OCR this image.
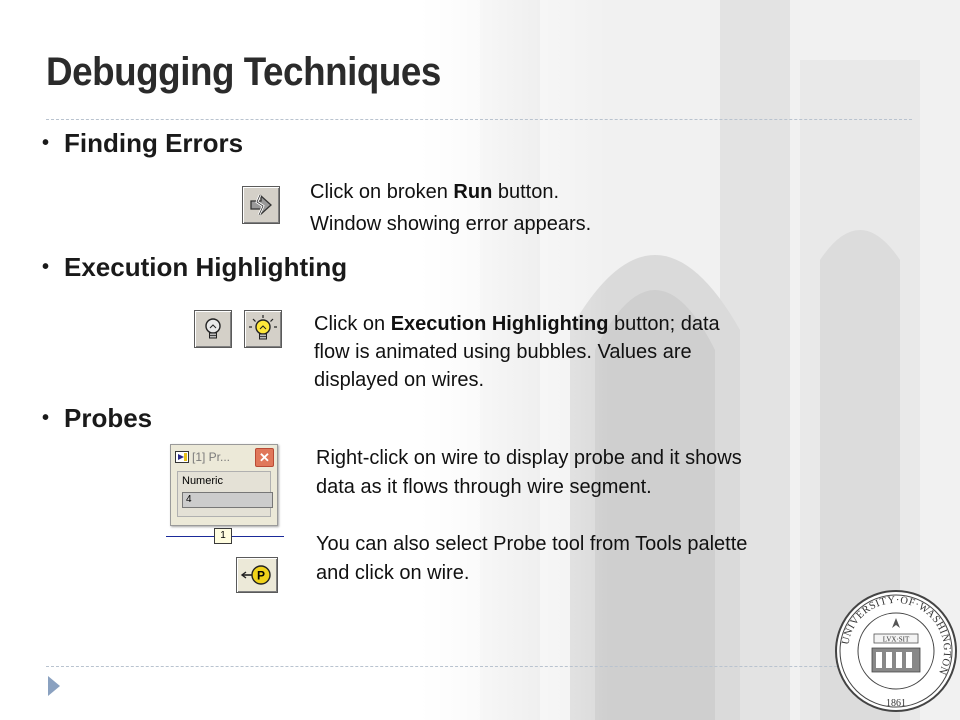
Debugging Techniques
• Finding Errors
Click on broken Run button.
Window showing error appears.
• Execution Highlighting
Click on Execution Highlighting button; data
flow is animated using bubbles. Values are
displayed on wires.
• Probes
[1] Pr...	✕
Numeric
4
1
P
Right-click on wire to display probe and it shows
data as it flows through wire segment.
You can also select Probe tool from Tools palette
and click on wire.
UNIVERSITY·OF·WASHINGTON
LVX·SIT
1861
